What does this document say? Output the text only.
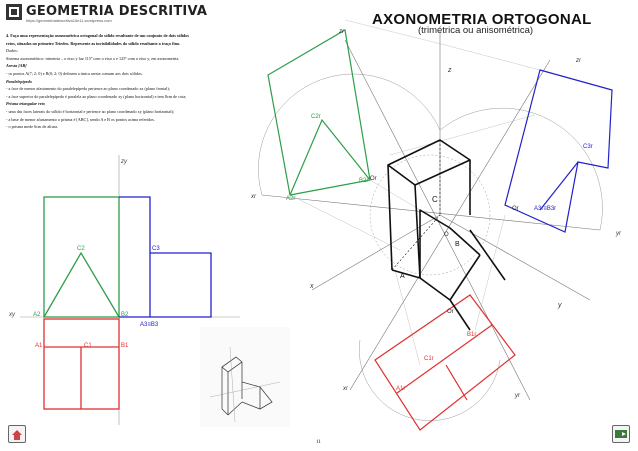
GEOMETRIA DESCRITIVA
https://geometriadescritiva10e11.wordpress.com	AXONOMETRIA ORTOGONAL
(trimétrica ou anisométrica)

4. Faça uma representação axonométrica ortogonal do sólido resultante de um conjunto de dois sólidos

retos, situados no primeiro Triedro. Represente as invisibilidades do sólido resultante a traço fino.

Dados:

Sistema axonométrico: trimetria – o eixo y faz 115º com o eixo x e 125º com o eixo y, em axonometria.

Aresta [AB]

- os pontos A(7; 2; 0) e B(0; 2; 0) definem a única aresta comum aos dois sólidos.

Paralelepípedo

- a face de menor afastamento do paralelepípedo pertence ao plano coordenado xz (plano frontal);

- a face superior do paralelepípedo é paralela ao plano coordenado xy (plano horizontal) e tem 8cm de cota;

Prisma triangular reto

- uma das faces laterais do sólido é horizontal e pertence ao plano coordenado xy (plano horizontal);

- a base de menor afastamento o prisma é [ABC], sendo A e B os pontos acima referidos.

- o prisma mede 6cm de altura.

zy
xy	A2	B2
C2	C3
A3≡B3
A1	C1	B1
zr
z
xr
x
xr
y
yr
yr
zr
A2r
B2r Or
C2r
C3r
Or	A3r≡B3r
C
O
B
A
Or
B1r
C1r
A1r
11
